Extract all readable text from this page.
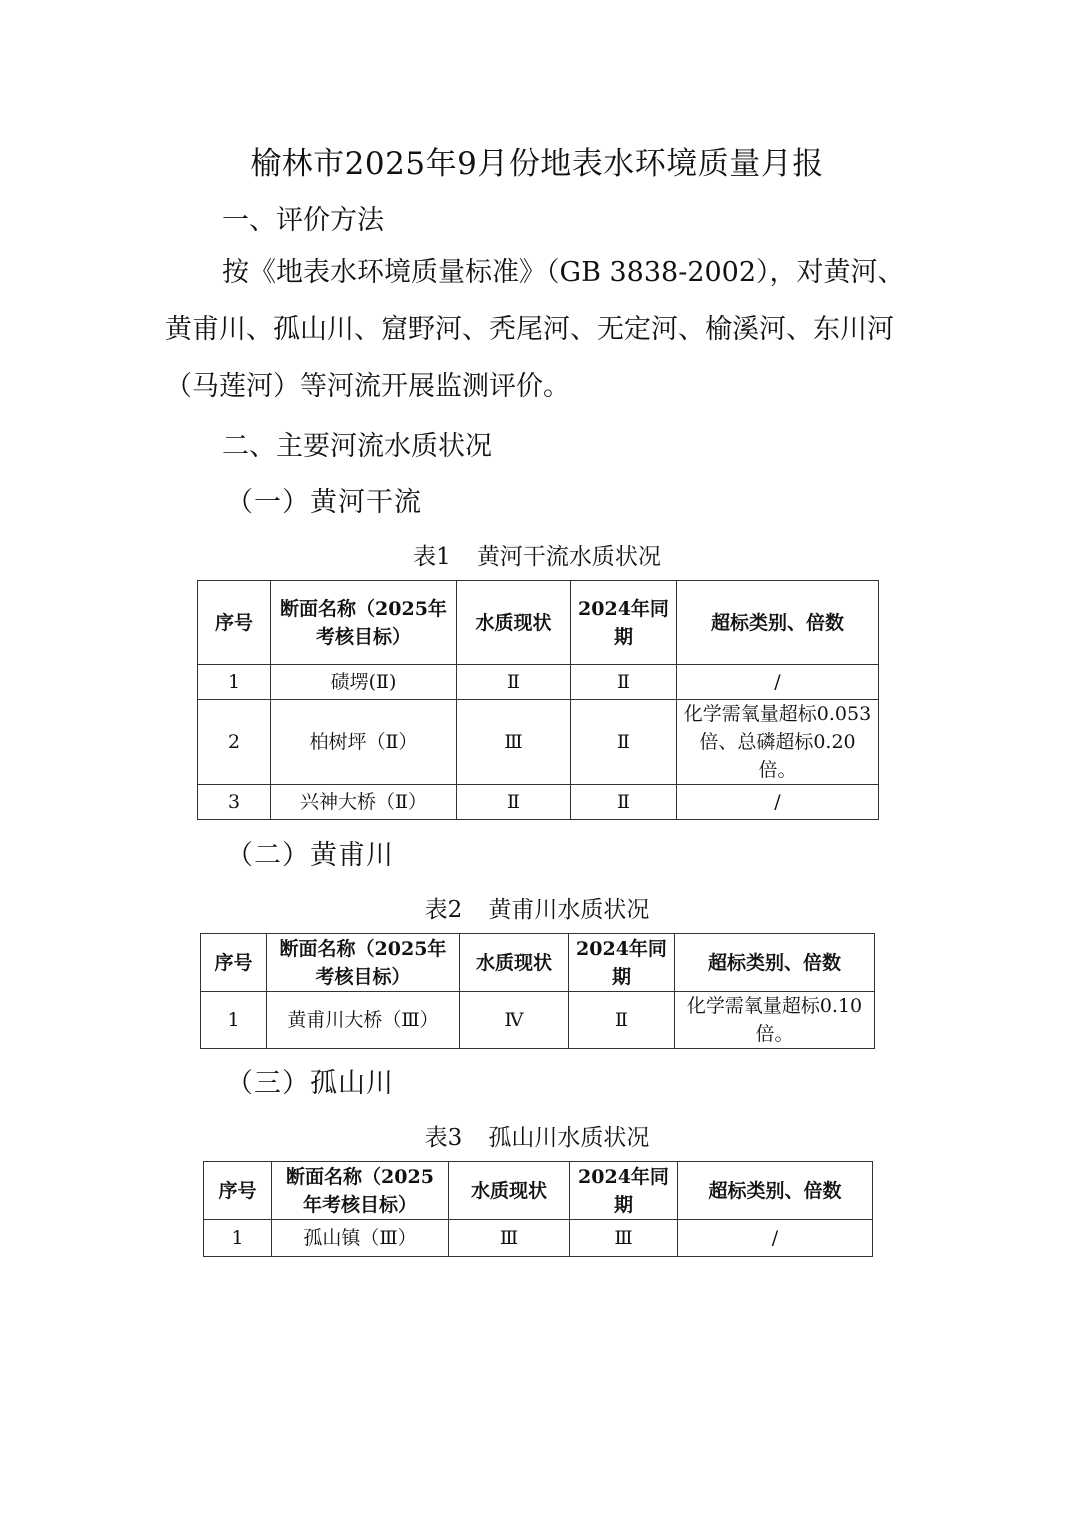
榆林市2025年9月份地表水环境质量月报
一、评价方法
按《地表水环境质量标准》（GB 3838-2002），对黄河、黄甫川、孤山川、窟野河、秃尾河、无定河、榆溪河、东川河（马莲河）等河流开展监测评价。
二、主要河流水质状况
（一）黄河干流
表1 黄河干流水质状况
序号	断面名称（2025年考核目标）	水质现状	2024年同期	超标类别、倍数
1	碛塄(Ⅱ)	Ⅱ	Ⅱ	/
2	柏树坪（Ⅱ）	Ⅲ	Ⅱ	化学需氧量超标0.053倍、总磷超标0.20倍。
3	兴神大桥（Ⅱ）	Ⅱ	Ⅱ	/
（二）黄甫川
表2 黄甫川水质状况
序号	断面名称（2025年考核目标）	水质现状	2024年同期	超标类别、倍数
1	黄甫川大桥（Ⅲ）	Ⅳ	Ⅱ	化学需氧量超标0.10倍。
（三）孤山川
表3 孤山川水质状况
序号	断面名称（2025年考核目标）	水质现状	2024年同期	超标类别、倍数
1	孤山镇（Ⅲ）	Ⅲ	Ⅲ	/
